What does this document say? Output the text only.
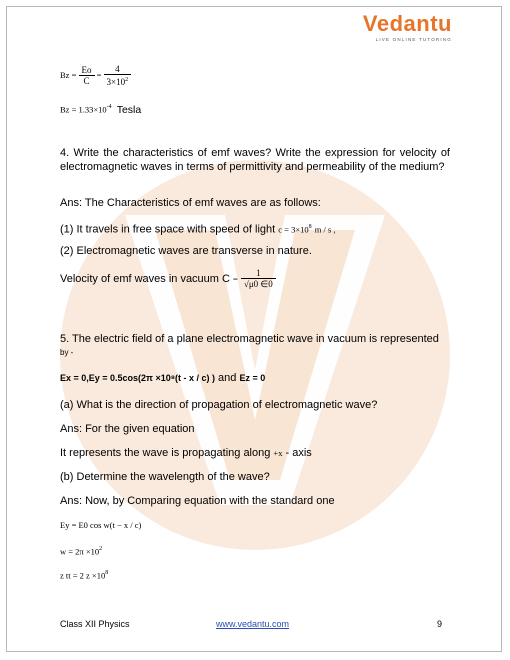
Vedantu
LIVE ONLINE TUTORING
$Bz = \frac{Eo}{C} = \frac{4}{3\times 10^2}$
$Bz = 1.33\times 10^{-4}$ Tesla
4. Write the characteristics of emf waves? Write the expression for velocity of electromagnetic waves in terms of permittivity and permeability of the medium?
Ans: The Characteristics of emf waves are as follows:
(1) It travels in free space with speed of light $c = 3\times 10^8$ m / s ,
(2) Electromagnetic waves are transverse in nature.
Velocity of emf waves in vacuum $C = \frac{1}{√\mu 0 \in 0}$
5. The electric field of a plane electromagnetic wave in vacuum is represented
by -
Ex = 0,Ey = 0.5cos(2π ×10⁸(t - x / c) ) and Ez = 0
(a) What is the direction of propagation of electromagnetic wave?
Ans: For the given equation
It represents the wave is propagating along +x - axis
(b) Determine the wavelength of the wave?
Ans: Now, by Comparing equation with the standard one
Ey = E0 cos w(t − x / c)
$w = 2\pi \times 10^2$
z tt = 2 $z \times 10^8$
Class XII Physics	www.vedantu.com	9
